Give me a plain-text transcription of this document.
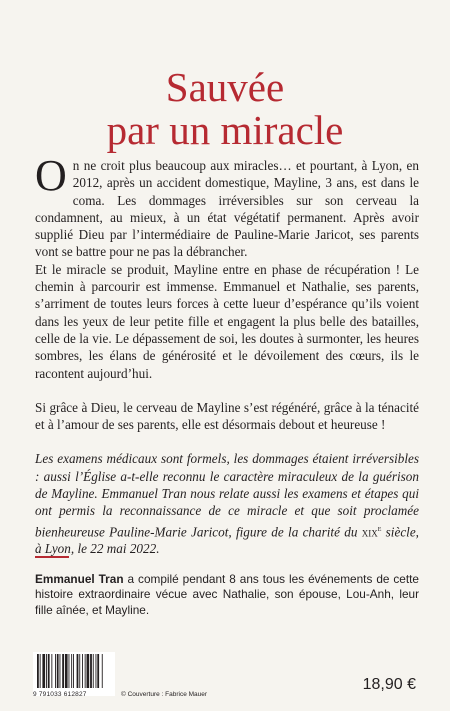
Sauvée
par un miracle

On ne croit plus beaucoup aux miracles… et pourtant, à Lyon, en 2012, après un accident domestique, Mayline, 3 ans, est dans le coma. Les dommages irréversibles sur son cerveau la condamnent, au mieux, à un état végétatif permanent. Après avoir supplié Dieu par l’intermédiaire de Pauline-Marie Jaricot, ses parents vont se battre pour ne pas la débrancher.

Et le miracle se produit, Mayline entre en phase de récupération ! Le chemin à parcourir est immense. Emmanuel et Nathalie, ses parents, s’arriment de toutes leurs forces à cette lueur d’espérance qu’ils voient dans les yeux de leur petite fille et engagent la plus belle des batailles, celle de la vie. Le dépassement de soi, les doutes à surmonter, les heures sombres, les élans de générosité et le dévoilement des cœurs, ils le racontent aujourd’hui.

Si grâce à Dieu, le cerveau de Mayline s’est régénéré, grâce à la ténacité et à l’amour de ses parents, elle est désormais debout et heureuse !

Les examens médicaux sont formels, les dommages étaient irréversibles : aussi l’Église a-t-elle reconnu le caractère miraculeux de la guérison de Mayline. Emmanuel Tran nous relate aussi les examens et étapes qui ont permis la reconnaissance de ce miracle et que soit proclamée bienheureuse Pauline-Marie Jaricot, figure de la charité du xix$^e$ siècle, à Lyon, le 22 mai 2022.

Emmanuel Tran a compilé pendant 8 ans tous les événements de cette histoire extraordinaire vécue avec Nathalie, son épouse, Lou-Anh, leur fille aînée, et Mayline.
9 791033 612827	© Couverture : Fabrice Mauer
18,90 €
